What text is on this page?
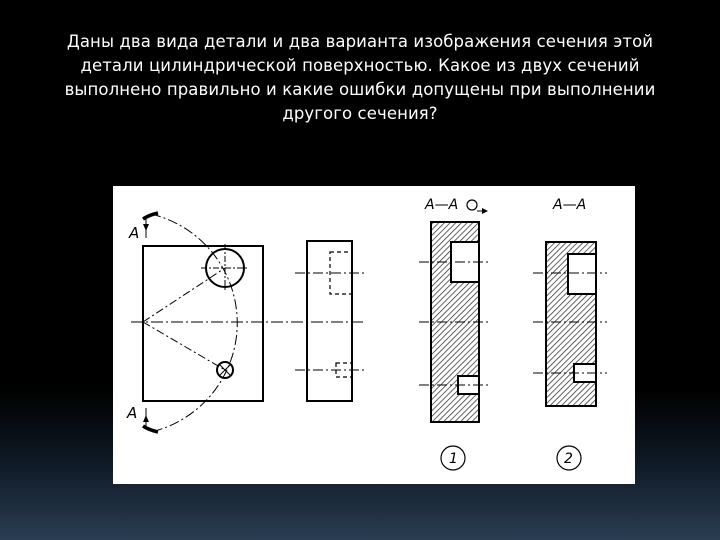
Даны два вида детали и два варианта изображения сечения этой детали цилиндрической поверхностью. Какое из двух сечений выполнено правильно и какие ошибки допущены при выполнении другого сечения?
А
А
А—А
1
А—А
2
